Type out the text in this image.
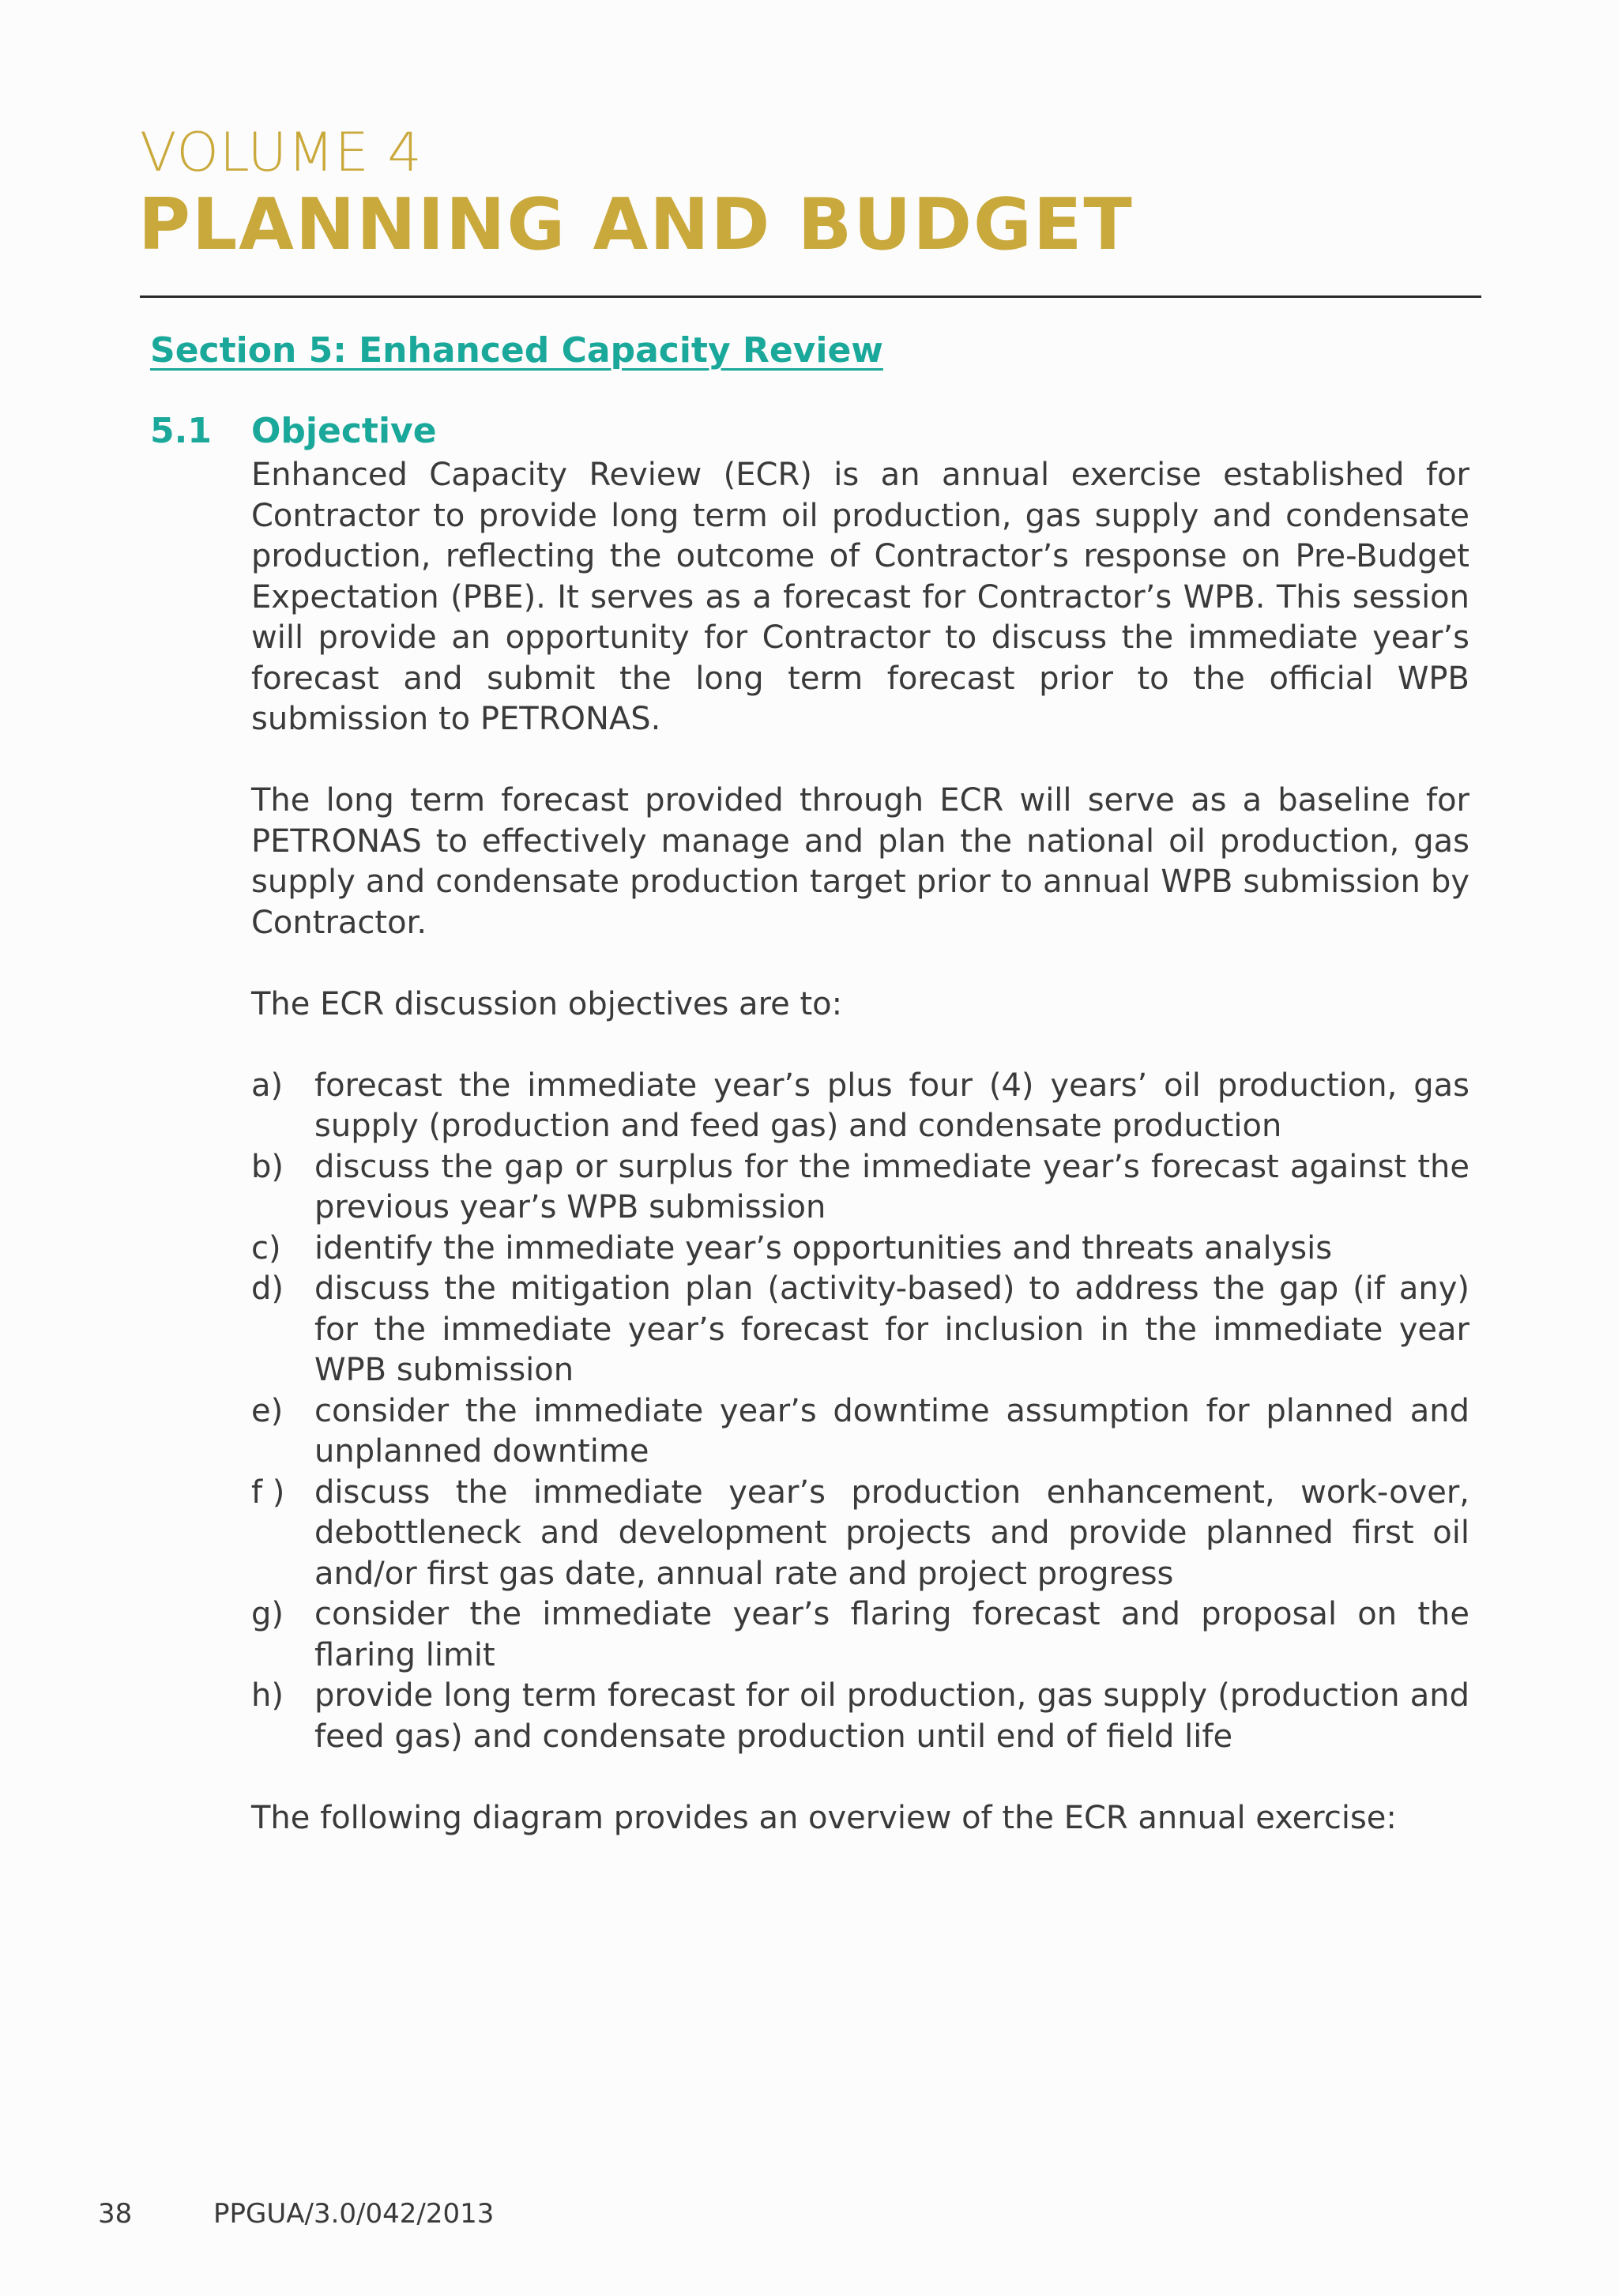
VOLUME 4
PLANNING AND BUDGET
Section 5: Enhanced Capacity Review
5.1 Objective

Enhanced Capacity Review (ECR) is an annual exercise established for Contractor to provide long term oil production, gas supply and condensate production, reflecting the outcome of Contractor’s response on Pre-Budget Expectation (PBE). It serves as a forecast for Contractor’s WPB. This session will provide an opportunity for Contractor to discuss the immediate year’s forecast and submit the long term forecast prior to the official WPB submission to PETRONAS.

The long term forecast provided through ECR will serve as a baseline for PETRONAS to effectively manage and plan the national oil production, gas supply and condensate production target prior to annual WPB submission by Contractor.

The ECR discussion objectives are to:

a) forecast the immediate year’s plus four (4) years’ oil production, gas supply (production and feed gas) and condensate production
b) discuss the gap or surplus for the immediate year’s forecast against the previous year’s WPB submission
c) identify the immediate year’s opportunities and threats analysis
d) discuss the mitigation plan (activity-based) to address the gap (if any) for the immediate year’s forecast for inclusion in the immediate year WPB submission
e) consider the immediate year’s downtime assumption for planned and unplanned downtime
f ) discuss the immediate year’s production enhancement, work-over, debottleneck and development projects and provide planned first oil and/or first gas date, annual rate and project progress
g) consider the immediate year’s flaring forecast and proposal on the flaring limit
h) provide long term forecast for oil production, gas supply (production and feed gas) and condensate production until end of field life

The following diagram provides an overview of the ECR annual exercise:

38	PPGUA/3.0/042/2013
